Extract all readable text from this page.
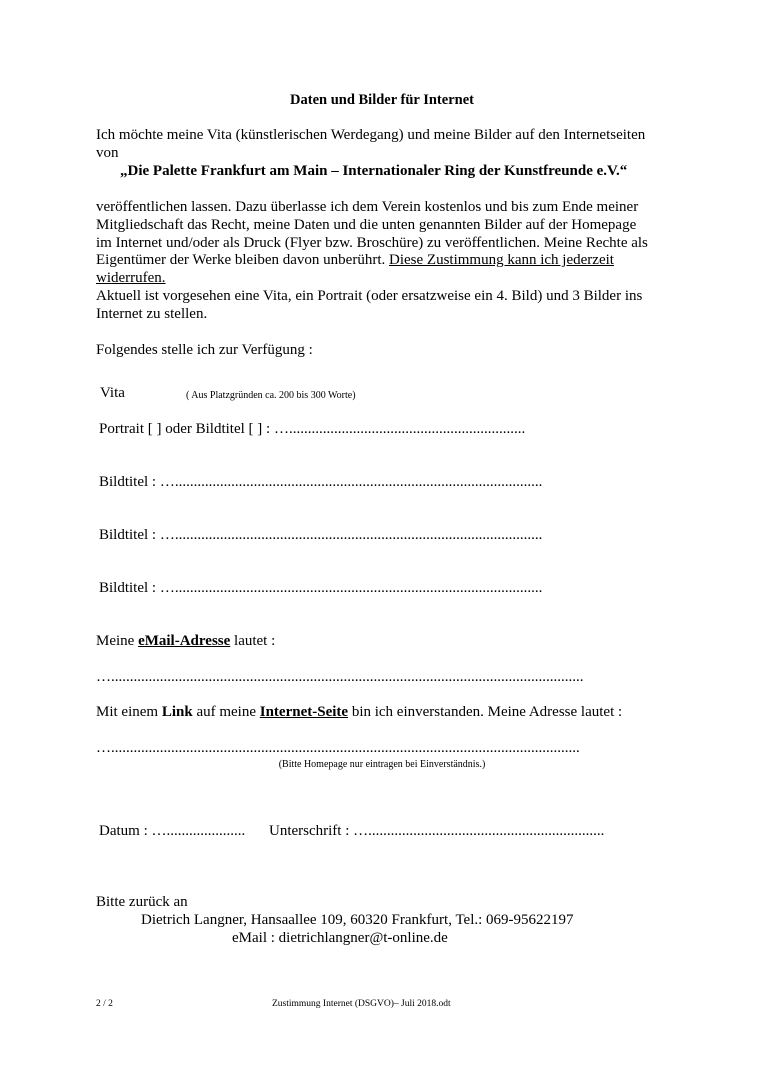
Daten und Bilder für Internet
Ich möchte meine Vita (künstlerischen Werdegang) und meine Bilder auf den Internetseiten
von
„Die Palette Frankfurt am Main – Internationaler Ring der Kunstfreunde e.V.“
veröffentlichen lassen. Dazu überlasse ich dem Verein kostenlos und bis zum Ende meiner
Mitgliedschaft das Recht, meine Daten und die unten genannten Bilder auf der Homepage
im Internet und/oder als Druck (Flyer bzw. Broschüre) zu veröffentlichen. Meine Rechte als
Eigentümer der Werke bleiben davon unberührt. Diese Zustimmung kann ich jederzeit
widerrufen.
Aktuell ist vorgesehen eine Vita, ein Portrait (oder ersatzweise ein 4. Bild) und 3 Bilder ins
Internet zu stellen.
Folgendes stelle ich zur Verfügung :
Vita	( Aus Platzgründen ca. 200 bis 300 Worte)
Portrait [ ] oder Bildtitel [ ] : …...............................................................
Bildtitel : …..................................................................................................
Bildtitel : …..................................................................................................
Bildtitel : …..................................................................................................
Meine eMail-Adresse lautet :
…..............................................................................................................................
Mit einem Link auf meine Internet-Seite bin ich einverstanden. Meine Adresse lautet :
….............................................................................................................................
(Bitte Homepage nur eintragen bei Einverständnis.)
Datum : …..................... Unterschrift : …...............................................................
Bitte zurück an
Dietrich Langner, Hansaallee 109, 60320 Frankfurt, Tel.: 069-95622197
eMail : dietrichlangner@t-online.de
2 / 2	Zustimmung Internet (DSGVO)– Juli 2018.odt
